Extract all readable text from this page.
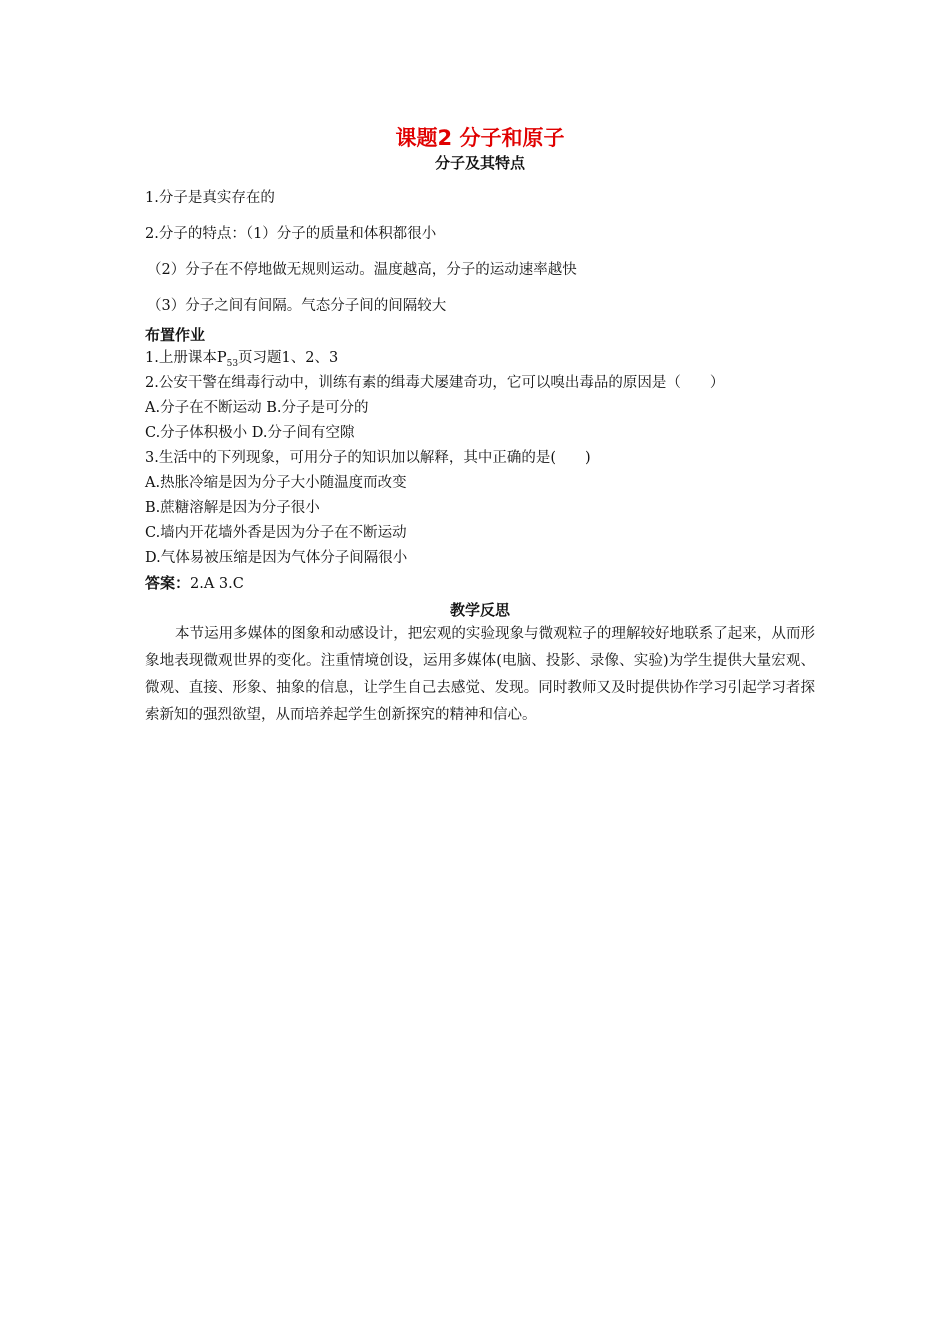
课题2 分子和原子
分子及其特点

1.分子是真实存在的

2.分子的特点：（1）分子的质量和体积都很小

（2）分子在不停地做无规则运动。温度越高，分子的运动速率越快

（3）分子之间有间隔。气态分子间的间隔较大

布置作业

1.上册课本$P_{53}$页习题1、2、3

2.公安干警在缉毒行动中，训练有素的缉毒犬屡建奇功，它可以嗅出毒品的原因是（　　）

A.分子在不断运动 B.分子是可分的

C.分子体积极小 D.分子间有空隙

3.生活中的下列现象，可用分子的知识加以解释，其中正确的是(　　)

A.热胀冷缩是因为分子大小随温度而改变

B.蔗糖溶解是因为分子很小

C.墙内开花墙外香是因为分子在不断运动

D.气体易被压缩是因为气体分子间隔很小

答案：2.A 3.C

教学反思

本节运用多媒体的图象和动感设计，把宏观的实验现象与微观粒子的理解较好地联系了起来，从而形象地表现微观世界的变化。注重情境创设，运用多媒体(电脑、投影、录像、实验)为学生提供大量宏观、微观、直接、形象、抽象的信息，让学生自己去感觉、发现。同时教师又及时提供协作学习引起学习者探索新知的强烈欲望，从而培养起学生创新探究的精神和信心。
